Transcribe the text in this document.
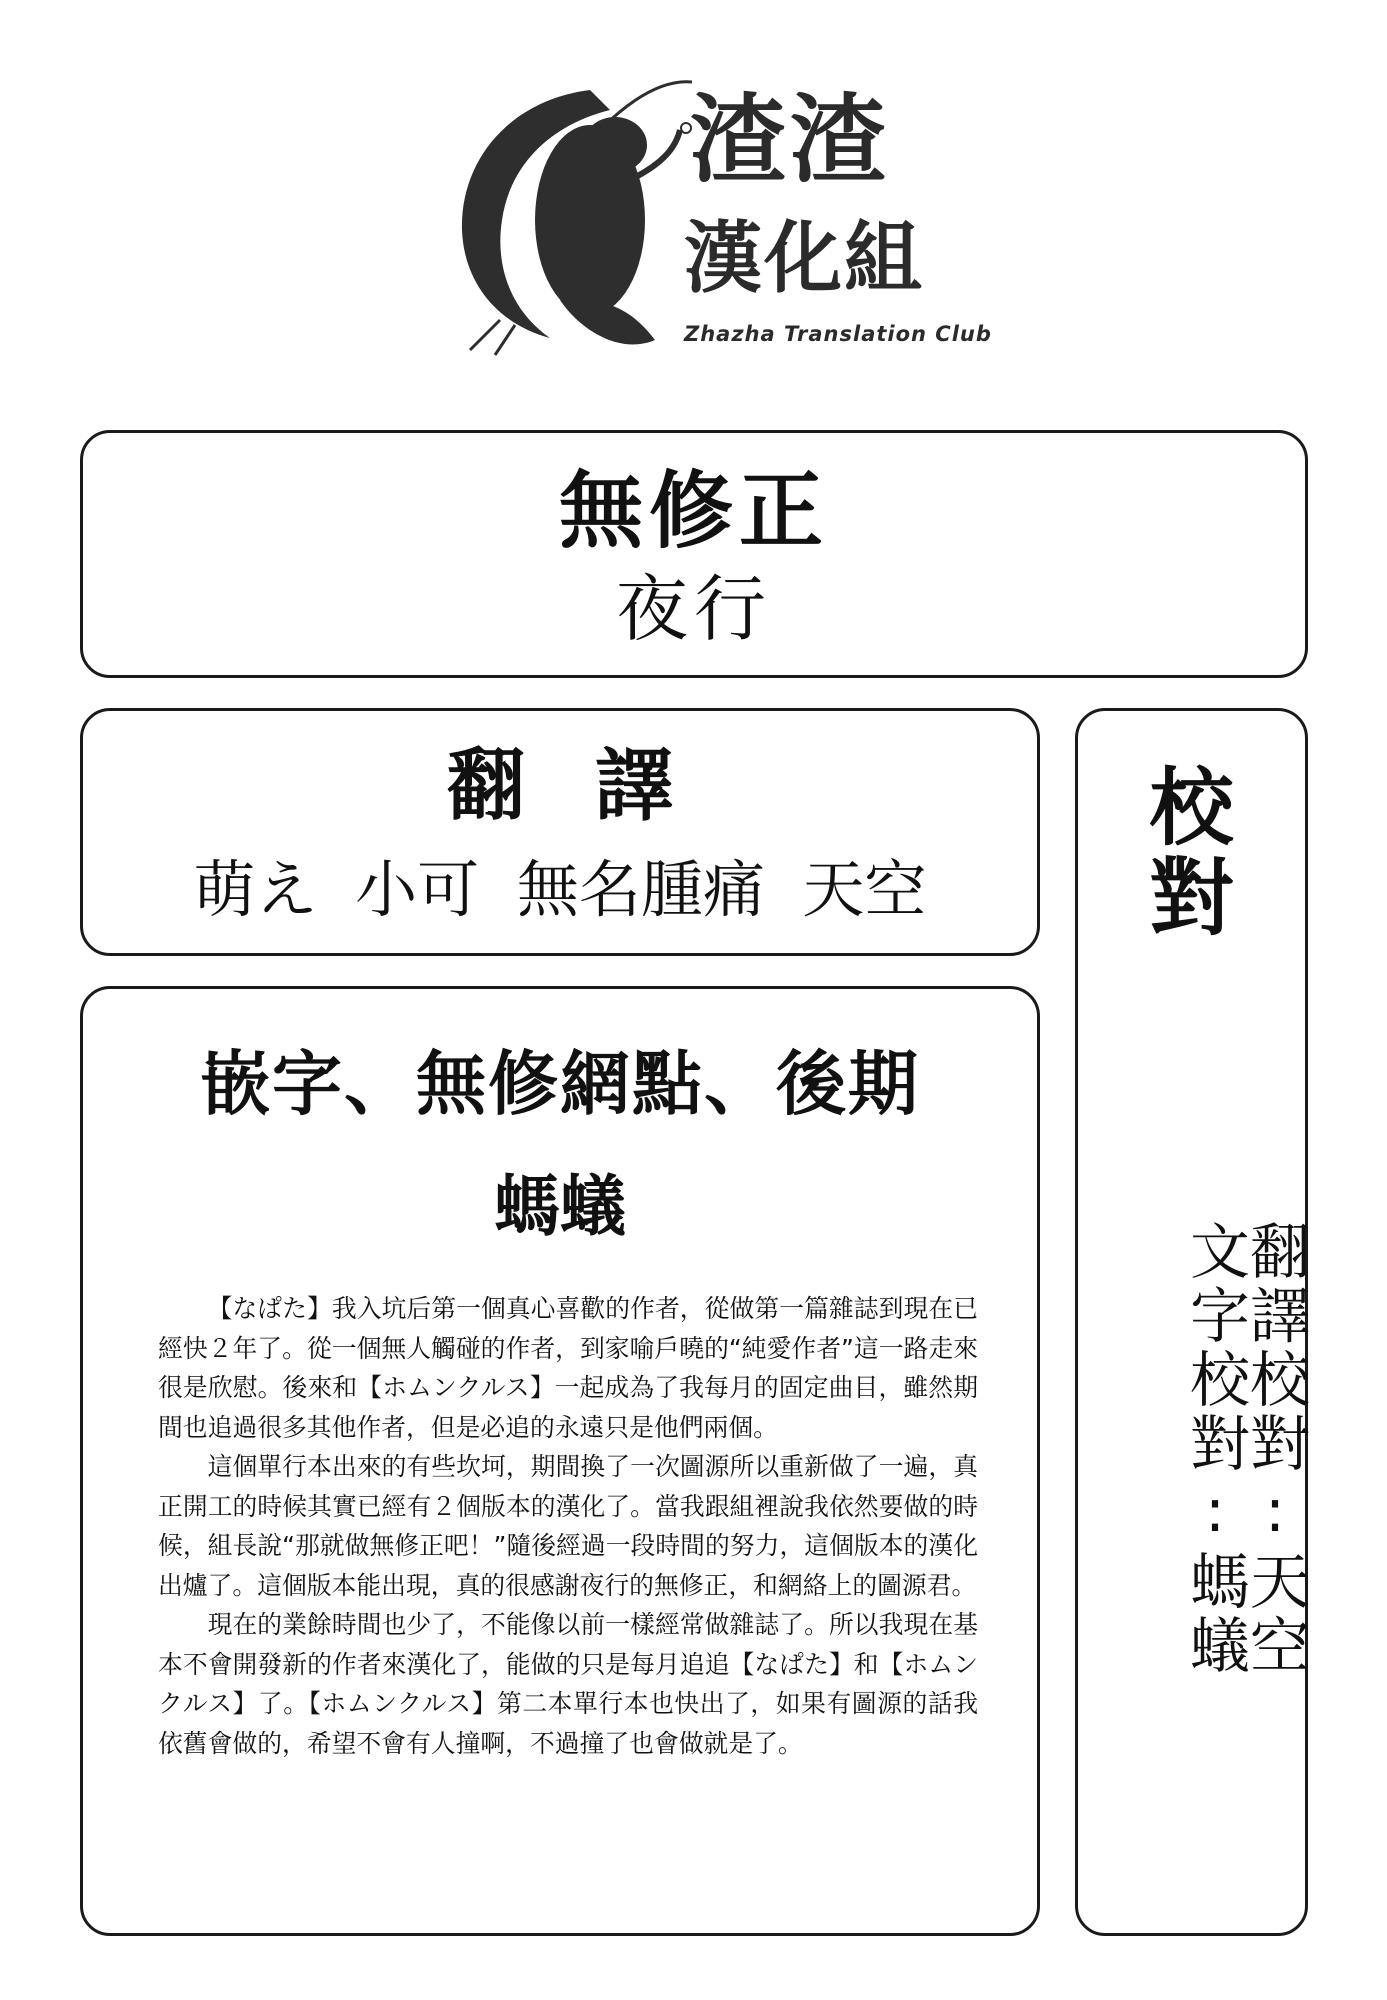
渣渣
漢化組
Zhazha Translation Club
無修正
夜行
翻譯
萌え 小可 無名腫痛 天空
嵌字、無修網點、後期
螞蟻

【なぱた】我入坑后第一個真心喜歡的作者，從做第一篇雜誌到現在已經快２年了。從一個無人觸碰的作者，到家喻戶曉的“純愛作者”這一路走來很是欣慰。後來和【ホムンクルス】一起成為了我每月的固定曲目，雖然期間也追過很多其他作者，但是必追的永遠只是他們兩個。

這個單行本出來的有些坎坷，期間換了一次圖源所以重新做了一遍，真正開工的時候其實已經有２個版本的漢化了。當我跟組裡說我依然要做的時候，組長說“那就做無修正吧！”隨後經過一段時間的努力，這個版本的漢化出爐了。這個版本能出現，真的很感謝夜行的無修正，和網絡上的圖源君。

現在的業餘時間也少了，不能像以前一樣經常做雜誌了。所以我現在基本不會開發新的作者來漢化了，能做的只是每月追追【なぱた】和【ホムンクルス】了。【ホムンクルス】第二本單行本也快出了，如果有圖源的話我依舊會做的，希望不會有人撞啊，不過撞了也會做就是了。

校
對
翻譯校對:天空
文字校對:螞蟻
